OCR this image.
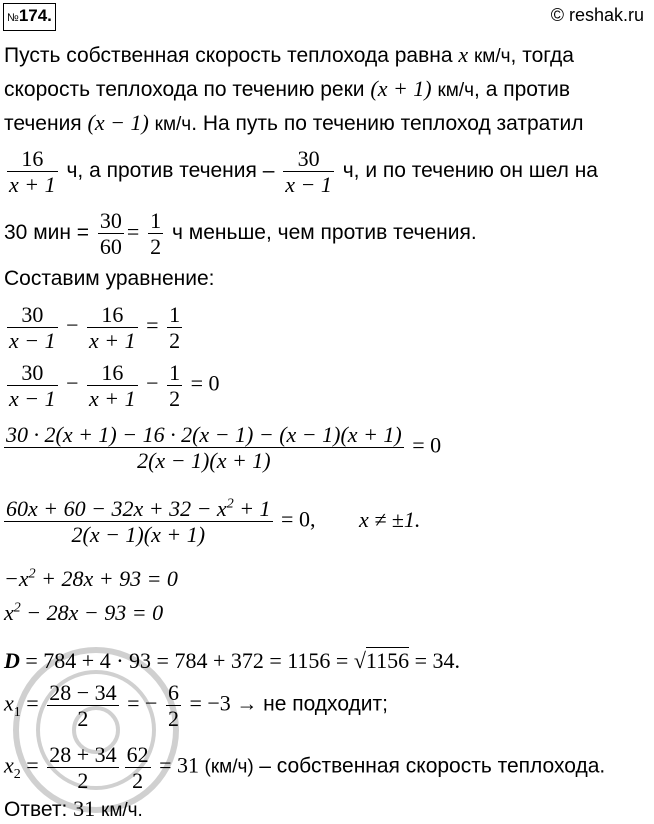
№174.	© reshak.ru
Пусть собственная скорость теплохода равна x км/ч, тогда
скорость теплохода по течению реки (x + 1) км/ч, а против
течения (x − 1) км/ч. На путь по течению теплоход затратил
$\frac{16}{x + 1} ч$, а против течения – $\frac{30}{x - 1} ч$, и по течению он шел на
30 мин = $\frac{30}{60} = \frac{1}{2}$ ч меньше, чем против течения.
Составим уравнение:
$\frac{30}{x - 1} - \frac{16}{x + 1} = \frac{1}{2}$
$\frac{30}{x - 1} - \frac{16}{x + 1} - \frac{1}{2} = 0$
$\frac{30 \cdot 2(x + 1) - 16 \cdot 2(x - 1) - (x - 1)(x + 1)}{2(x - 1)(x + 1)} = 0$
$\frac{60x + 60 - 32x + 32 - x^2 + 1}{2(x - 1)(x + 1)} = 0$, x ≠ ±1.
$-x^2 + 28x + 93 = 0$
$x^2 - 28x - 93 = 0$
D = 784 + 4 · 93 = 784 + 372 = 1156 = √1156 = 34.
$x_1 = \frac{28 - 34}{2}$ = − $\frac{6}{2} = -3$ → не подходит;
$x_2 = \frac{28 + 34}{2} \frac{62}{2} = 31$ (км/ч) – собственная скорость теплохода.
Ответ: 31 км/ч.
